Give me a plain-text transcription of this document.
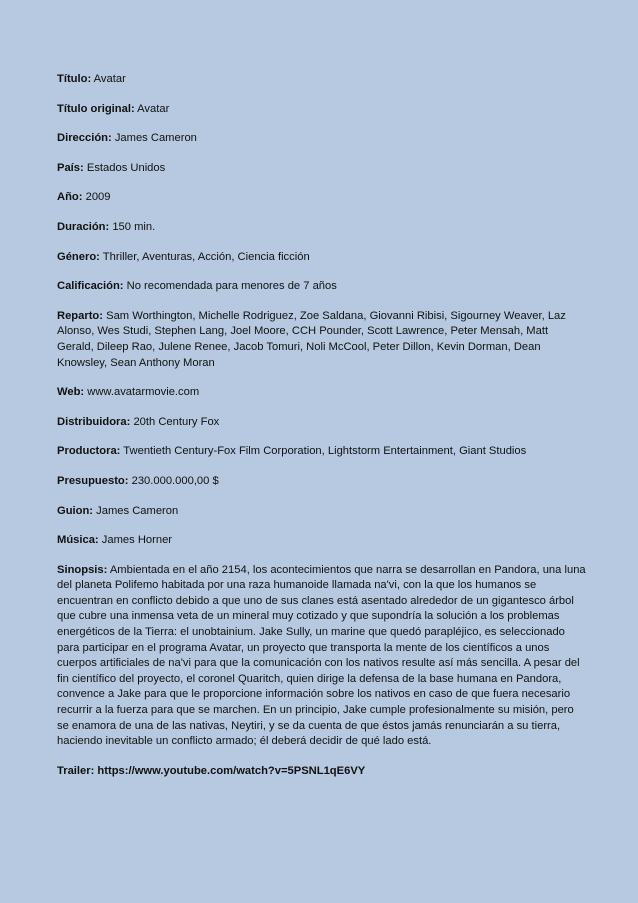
Título: Avatar

Título original: Avatar

Dirección: James Cameron

País: Estados Unidos

Año: 2009

Duración: 150 min.

Género: Thriller, Aventuras, Acción, Ciencia ficción

Calificación: No recomendada para menores de 7 años

Reparto: Sam Worthington, Michelle Rodriguez, Zoe Saldana, Giovanni Ribisi, Sigourney Weaver, Laz Alonso, Wes Studi, Stephen Lang, Joel Moore, CCH Pounder, Scott Lawrence, Peter Mensah, Matt Gerald, Dileep Rao, Julene Renee, Jacob Tomuri, Noli McCool, Peter Dillon, Kevin Dorman, Dean Knowsley, Sean Anthony Moran

Web: www.avatarmovie.com

Distribuidora: 20th Century Fox

Productora: Twentieth Century-Fox Film Corporation, Lightstorm Entertainment, Giant Studios

Presupuesto: 230.000.000,00 $

Guion: James Cameron

Música: James Horner

Sinopsis: Ambientada en el año 2154, los acontecimientos que narra se desarrollan en Pandora, una luna del planeta Polifemo habitada por una raza humanoide llamada na'vi, con la que los humanos se encuentran en conflicto debido a que uno de sus clanes está asentado alrededor de un gigantesco árbol que cubre una inmensa veta de un mineral muy cotizado y que supondría la solución a los problemas energéticos de la Tierra: el unobtainium. Jake Sully, un marine que quedó parapléjico, es seleccionado para participar en el programa Avatar, un proyecto que transporta la mente de los científicos a unos cuerpos artificiales de na'vi para que la comunicación con los nativos resulte así más sencilla. A pesar del fin científico del proyecto, el coronel Quaritch, quien dirige la defensa de la base humana en Pandora, convence a Jake para que le proporcione información sobre los nativos en caso de que fuera necesario recurrir a la fuerza para que se marchen. En un principio, Jake cumple profesionalmente su misión, pero se enamora de una de las nativas, Neytiri, y se da cuenta de que éstos jamás renunciarán a su tierra, haciendo inevitable un conflicto armado; él deberá decidir de qué lado está.

Trailer: https://www.youtube.com/watch?v=5PSNL1qE6VY
